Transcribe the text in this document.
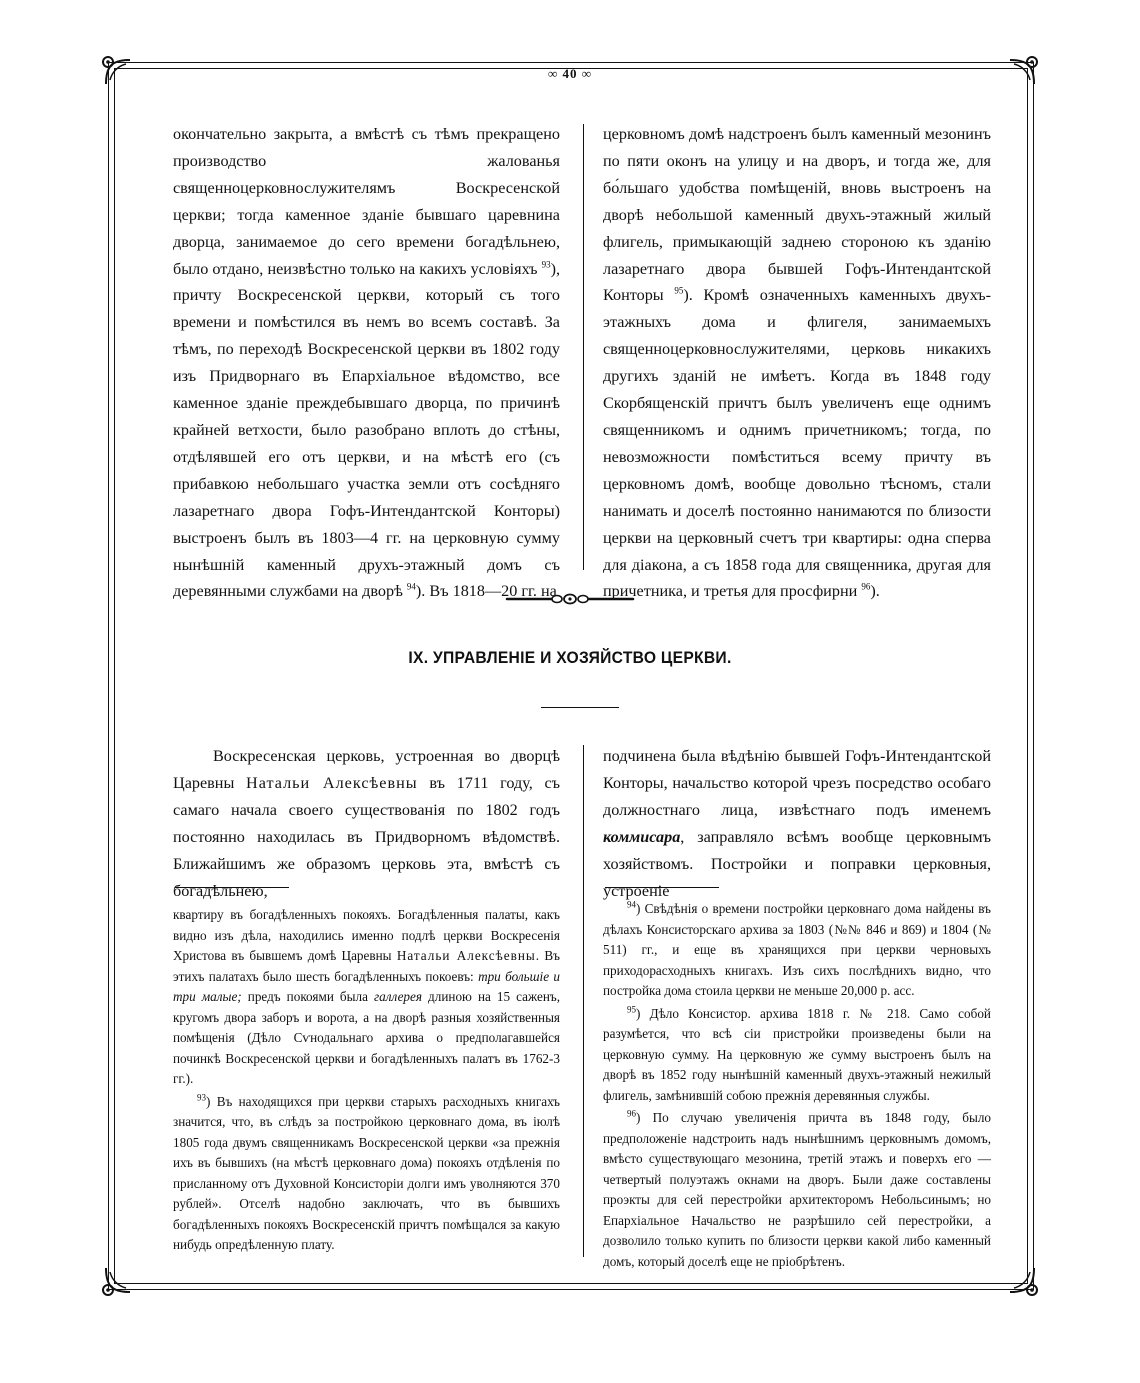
∞ 40 ∞

окончательно закрыта, а вмѣстѣ съ тѣмъ прекращено производство жалованья священноцерковнослужителямъ Воскресенской церкви; тогда каменное зданіе бывшаго царевнина дворца, занимаемое до сего времени богадѣльнею, было отдано, неизвѣстно только на какихъ условіяхъ $^{93}$), причту Воскресенской церкви, который съ того времени и помѣстился въ немъ во всемъ составѣ. За тѣмъ, по переходѣ Воскресенской церкви въ 1802 году изъ Придворнаго въ Епархіальное вѣдомство, все каменное зданіе преждебывшаго дворца, по причинѣ крайней ветхости, было разобрано вплоть до стѣны, отдѣлявшей его отъ церкви, и на мѣстѣ его (съ прибавкою небольшаго участка земли отъ сосѣдняго лазаретнаго двора Гофъ-Интендантской Конторы) выстроенъ былъ въ 1803—4 гг. на церковную сумму нынѣшній каменный друхъ-этажный домъ съ деревянными службами на дворѣ $^{94}$). Въ 1818—20 гг. на

церковномъ домѣ надстроенъ былъ каменный мезонинъ по пяти оконъ на улицу и на дворъ, и тогда же, для бо́льшаго удобства помѣщеній, вновь выстроенъ на дворѣ небольшой каменный двухъ-этажный жилый флигель, примыкающій заднею стороною къ зданію лазаретнаго двора бывшей Гофъ-Интендантской Конторы $^{95}$). Кромѣ означенныхъ каменныхъ двухъ-этажныхъ дома и флигеля, занимаемыхъ священноцерковнослужителями, церковь никакихъ другихъ зданій не имѣетъ. Когда въ 1848 году Скорбященскій причтъ былъ увеличенъ еще однимъ священникомъ и однимъ причетникомъ; тогда, по невозможности помѣститься всему причту въ церковномъ домѣ, вообще довольно тѣсномъ, стали нанимать и доселѣ постоянно нанимаются по близости церкви на церковный счетъ три квартиры: одна сперва для діакона, а съ 1858 года для священника, другая для причетника, и третья для просфирни $^{96}$).

IX. УПРАВЛЕНІЕ И ХОЗЯЙСТВО ЦЕРКВИ.

Воскресенская церковь, устроенная во дворцѣ Царевны Натальи Алексѣевны въ 1711 году, съ самаго начала своего существованія по 1802 годъ постоянно находилась въ Придворномъ вѣдомствѣ. Ближайшимъ же образомъ церковь эта, вмѣстѣ съ богадѣльнею,

подчинена была вѣдѣнію бывшей Гофъ-Интендантской Конторы, начальство которой чрезъ посредство особаго должностнаго лица, извѣстнаго подъ именемъ коммисара, заправляло всѣмъ вообще церковнымъ хозяйствомъ. Постройки и поправки церковныя, устроеніе

квартиру въ богадѣленныхъ покояхъ. Богадѣленныя палаты, какъ видно изъ дѣла, находились именно подлѣ церкви Воскресенія Христова въ бывшемъ домѣ Царевны Натальи Алексѣевны. Въ этихъ палатахъ было шесть богадѣленныхъ покоевъ: три большіе и три малые; предъ покоями была галлерея длиною на 15 саженъ, кругомъ двора заборъ и ворота, а на дворѣ разныя хозяйственныя помѣщенія (Дѣло Сѵнодальнаго архива о предполагавшейся починкѣ Воскресенской церкви и богадѣленныхъ палатъ въ 1762-3 гг.).

$^{93}$) Въ находящихся при церкви старыхъ расходныхъ книгахъ значится, что, въ слѣдъ за постройкою церковнаго дома, въ іюлѣ 1805 года двумъ священникамъ Воскресенской церкви «за прежнія ихъ въ бывшихъ (на мѣстѣ церковнаго дома) покояхъ отдѣленія по присланному отъ Духовной Консисторіи долги имъ уволняются 370 рублей». Отселѣ надобно заключать, что въ бывшихъ богадѣленныхъ покояхъ Воскресенскій причтъ помѣщался за какую нибудь опредѣленную плату.

$^{94}$) Свѣдѣнія о времени постройки церковнаго дома найдены въ дѣлахъ Консисторскаго архива за 1803 (№№ 846 и 869) и 1804 (№ 511) гг., и еще въ хранящихся при церкви черновыхъ приходорасходныхъ книгахъ. Изъ сихъ послѣднихъ видно, что постройка дома стоила церкви не меньше 20,000 р. асс.

$^{95}$) Дѣло Консистор. архива 1818 г. № 218. Само собой разумѣется, что всѣ сіи пристройки произведены были на церковную сумму. На церковную же сумму выстроенъ былъ на дворѣ въ 1852 году нынѣшній каменный двухъ-этажный нежилый флигель, замѣнившій собою прежнія деревянныя службы.

$^{96}$) По случаю увеличенія причта въ 1848 году, было предположеніе надстроить надъ нынѣшнимъ церковнымъ домомъ, вмѣсто существующаго мезонина, третій этажъ и поверхъ его — четвертый полуэтажъ окнами на дворъ. Были даже составлены проэкты для сей перестройки архитекторомъ Небольсинымъ; но Епархіальное Начальство не разрѣшило сей перестройки, а дозволило только купить по близости церкви какой либо каменный домъ, который доселѣ еще не пріобрѣтенъ.
